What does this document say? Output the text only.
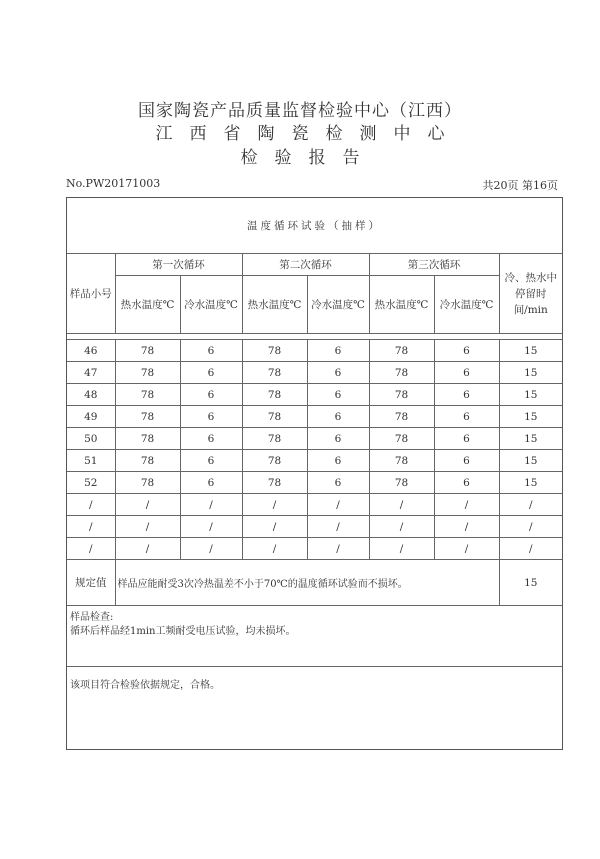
国家陶瓷产品质量监督检验中心（江西）
江西省陶瓷检测中心
检验报告
No.PW20171003	共20页 第16页
温度循环试验（抽样）							
样品小号	第一次循环		第二次循环		第三次循环		冷、热水中停留时间/min
	热水温度℃	冷水温度℃	热水温度℃	冷水温度℃	热水温度℃	冷水温度℃	

46	78	6	78	6	78	6	15
47	78	6	78	6	78	6	15
48	78	6	78	6	78	6	15
49	78	6	78	6	78	6	15
50	78	6	78	6	78	6	15
51	78	6	78	6	78	6	15
52	78	6	78	6	78	6	15
/	/	/	/	/	/	/	/
/	/	/	/	/	/	/	/
/	/	/	/	/	/	/	/
规定值	样品应能耐受3次冷热温差不小于70℃的温度循环试验而不损坏。						15
样品检查:
循环后样品经1min工频耐受电压试验，均未损坏。
该项目符合检验依据规定，合格。
